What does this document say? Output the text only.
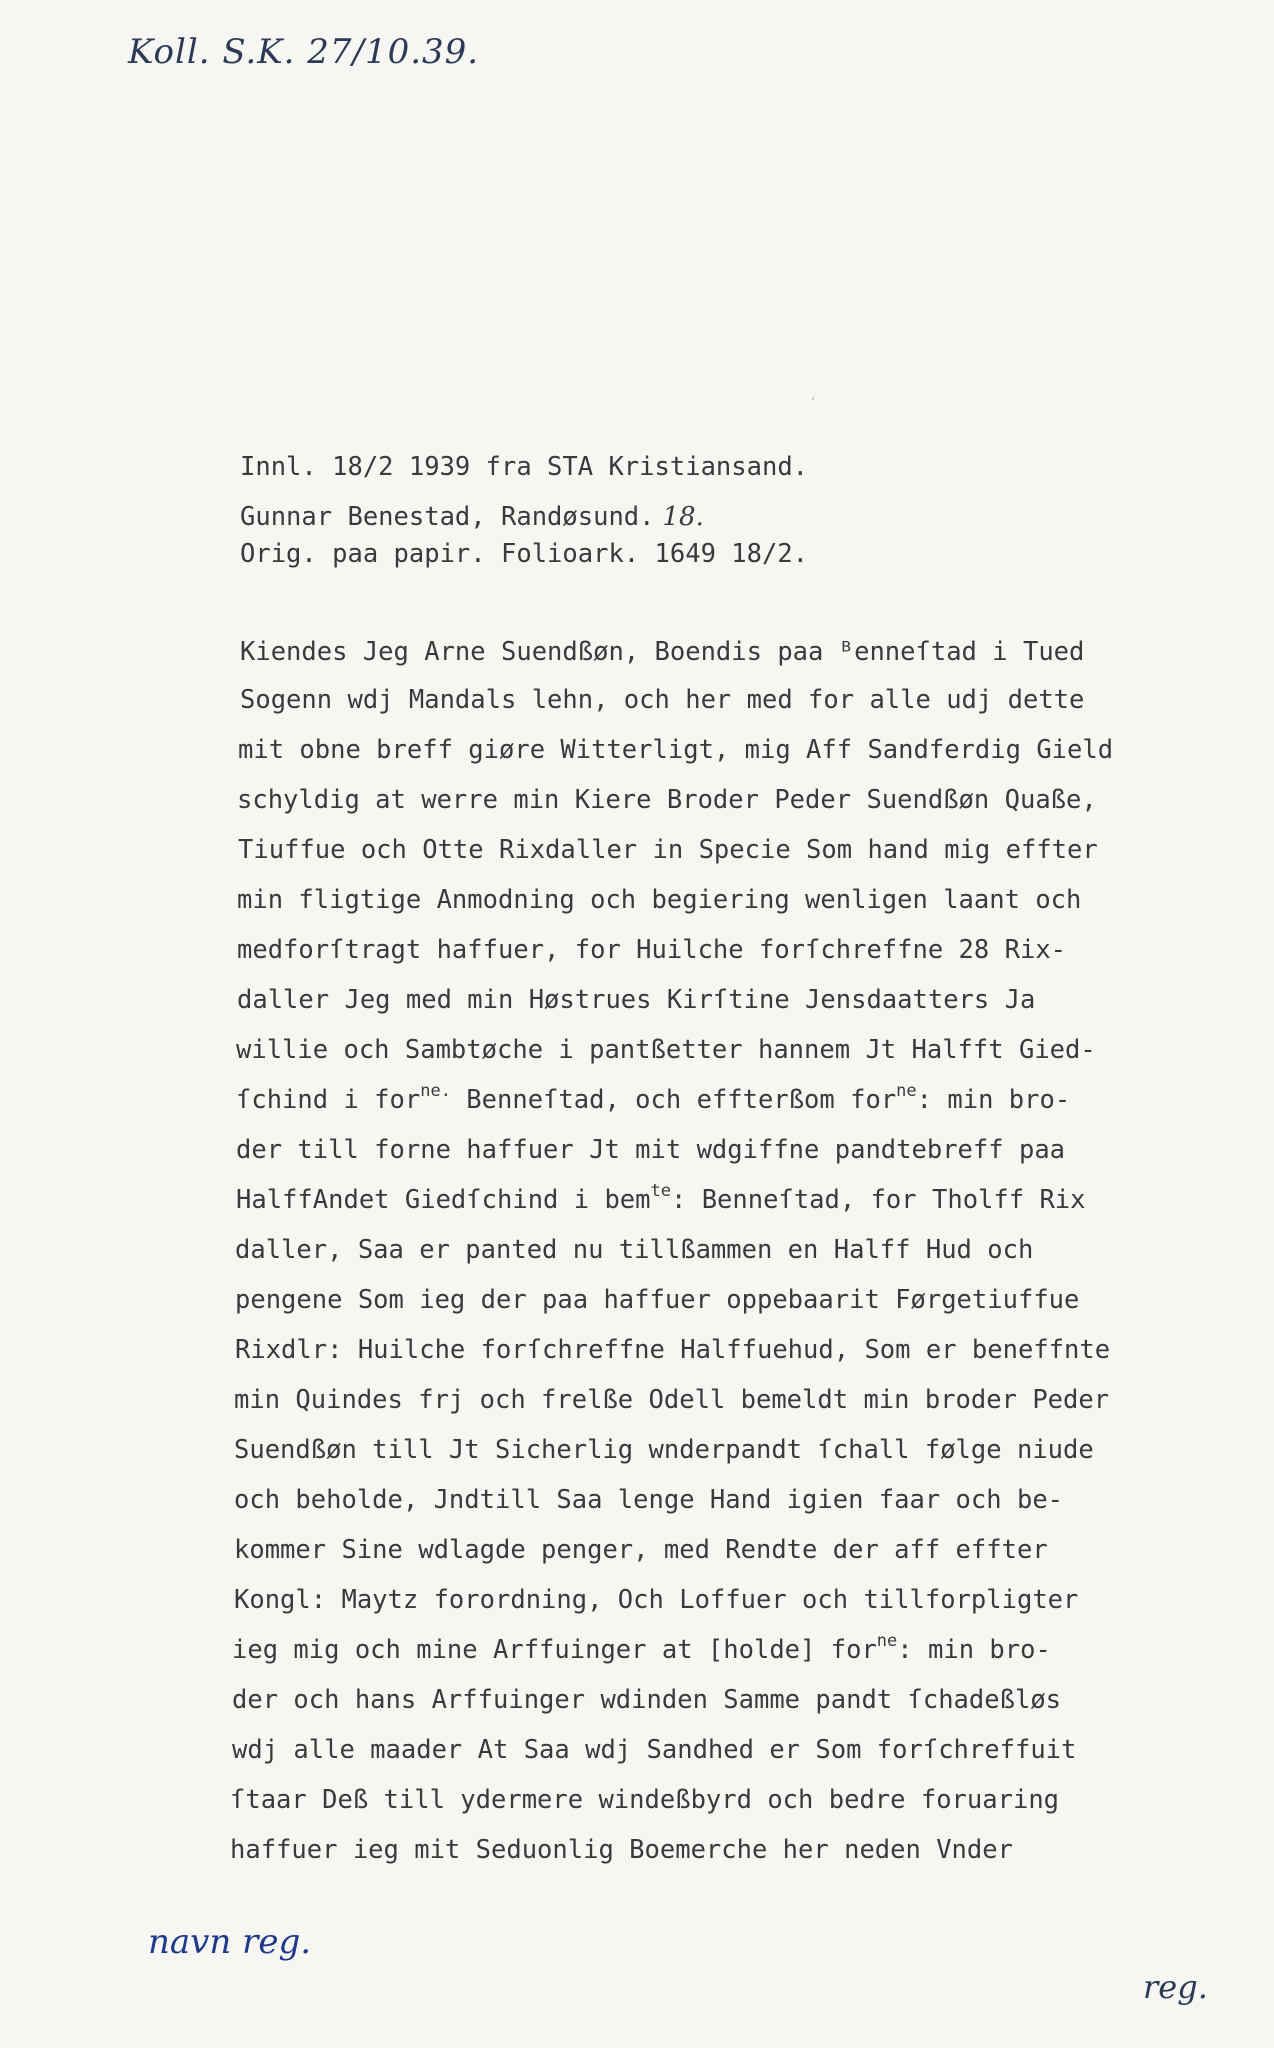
Koll. S.K. 27/10.39.
Innl. 18/2 1939 fra STA Kristiansand.
Gunnar Benestad, Randøsund. 18.
Orig. paa papir. Folioark. 1649 18/2.
Kiendes Jeg Arne Suendßøn, Boendis paa ᴮenneſtad i Tued
Sogenn wdj Mandals lehn, och her med for alle udj dette
mit obne breff giøre Witterligt, mig Aff Sandferdig Gield
schyldig at werre min Kiere Broder Peder Suendßøn Quaße,
Tiuffue och Otte Rixdaller in Specie Som hand mig effter
min fligtige Anmodning och begiering wenligen laant och
medforſtragt haffuer, for Huilche forſchreffne 28 Rix-
daller Jeg med min Høstrues Kirſtine Jensdaatters Ja
willie och Sambtøche i pantßetter hannem Jt Halfft Gied-
ſchind i for$^{ne.}$ Benneſtad, och effterßom for$^{ne}$: min bro-
der till forne haffuer Jt mit wdgiffne pandtebreff paa
HalffAndet Giedſchind i bem$^{te}$: Benneſtad, for Tholff Rix
daller, Saa er panted nu tillßammen en Halff Hud och
pengene Som ieg der paa haffuer oppebaarit Førgetiuffue
Rixdlr: Huilche forſchreffne Halffuehud, Som er beneffnte
min Quindes frj och frelße Odell bemeldt min broder Peder
Suendßøn till Jt Sicherlig wnderpandt ſchall følge niude
och beholde, Jndtill Saa lenge Hand igien faar och be-
kommer Sine wdlagde penger, med Rendte der aff effter
Kongl: Maytz forordning, Och Loffuer och tillforpligter
ieg mig och mine Arffuinger at [holde] for$^{ne}$: min bro-
der och hans Arffuinger wdinden Samme pandt ſchadeßløs
wdj alle maader At Saa wdj Sandhed er Som forſchreffuit
ſtaar Deß till ydermere windeßbyrd och bedre foruaring
haffuer ieg mit Seduonlig Boemerche her neden Vnder
navn reg.
reg.
